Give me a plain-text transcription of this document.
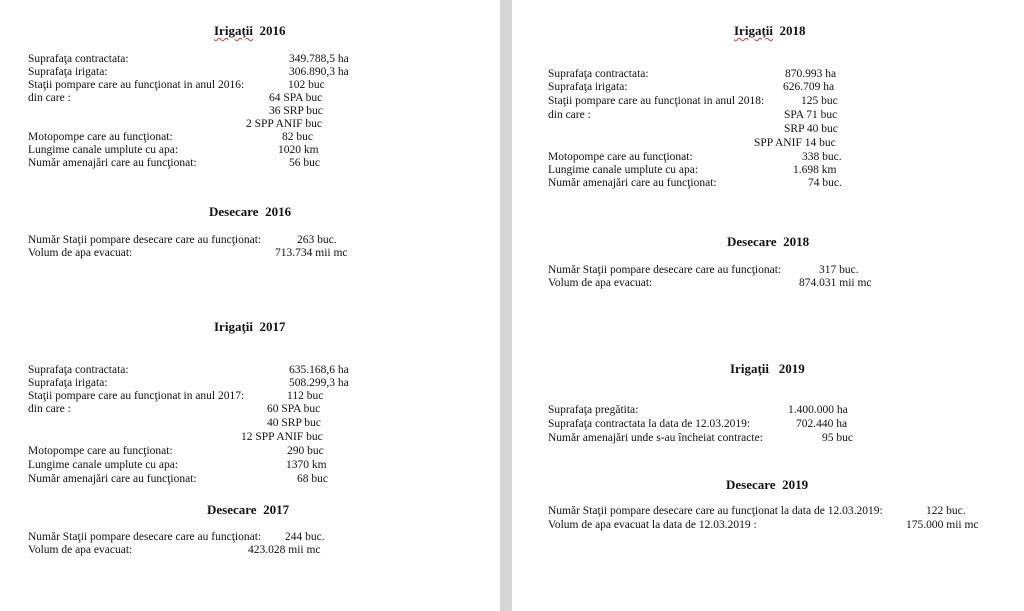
Irigaţii 2016
Suprafaţa contractata:	349.788,5 ha
Suprafaţa irigata:	306.890,3 ha
Staţii pompare care au funcţionat in anul 2016:	102 buc
din care :	64 SPA buc
36 SRP buc
2 SPP ANIF buc
Motopompe care au funcţionat:	82 buc
Lungime canale umplute cu apa:	1020 km
Număr amenajări care au funcţionat:	56 buc
Desecare 2016
Număr Staţii pompare desecare care au funcţionat:	263 buc.
Volum de apa evacuat:	713.734 mii mc
Irigaţii 2017
Suprafaţa contractata:	635.168,6 ha
Suprafaţa irigata:	508.299,3 ha
Staţii pompare care au funcţionat in anul 2017:	112 buc
din care :	60 SPA buc
40 SRP buc
12 SPP ANIF buc
Motopompe care au funcţionat:	290 buc
Lungime canale umplute cu apa:	1370 km
Număr amenajări care au funcţionat:	68 buc
Desecare 2017
Număr Staţii pompare desecare care au funcţionat: 244 buc.
Volum de apa evacuat:	423.028 mii mc
Irigaţii 2018
Suprafaţa contractata:	870.993 ha
Suprafaţa irigata:	626.709 ha
Staţii pompare care au funcţionat in anul 2018:	125 buc
din care :	SPA 71 buc
SRP 40 buc
SPP ANIF 14 buc
Motopompe care au funcţionat:	338 buc.
Lungime canale umplute cu apa:	1.698 km
Număr amenajări care au funcţionat:	74 buc.
Desecare 2018
Număr Staţii pompare desecare care au funcţionat:	317 buc.
Volum de apa evacuat:	874.031 mii mc
Irigaţii 2019
Suprafaţa pregătita:	1.400.000 ha
Suprafaţa contractata la data de 12.03.2019:	702.440 ha
Număr amenajări unde s-au încheiat contracte:	95 buc
Desecare 2019
Număr Staţii pompare desecare care au funcţionat la data de 12.03.2019:	122 buc.
Volum de apa evacuat la data de 12.03.2019 :	175.000 mii mc
